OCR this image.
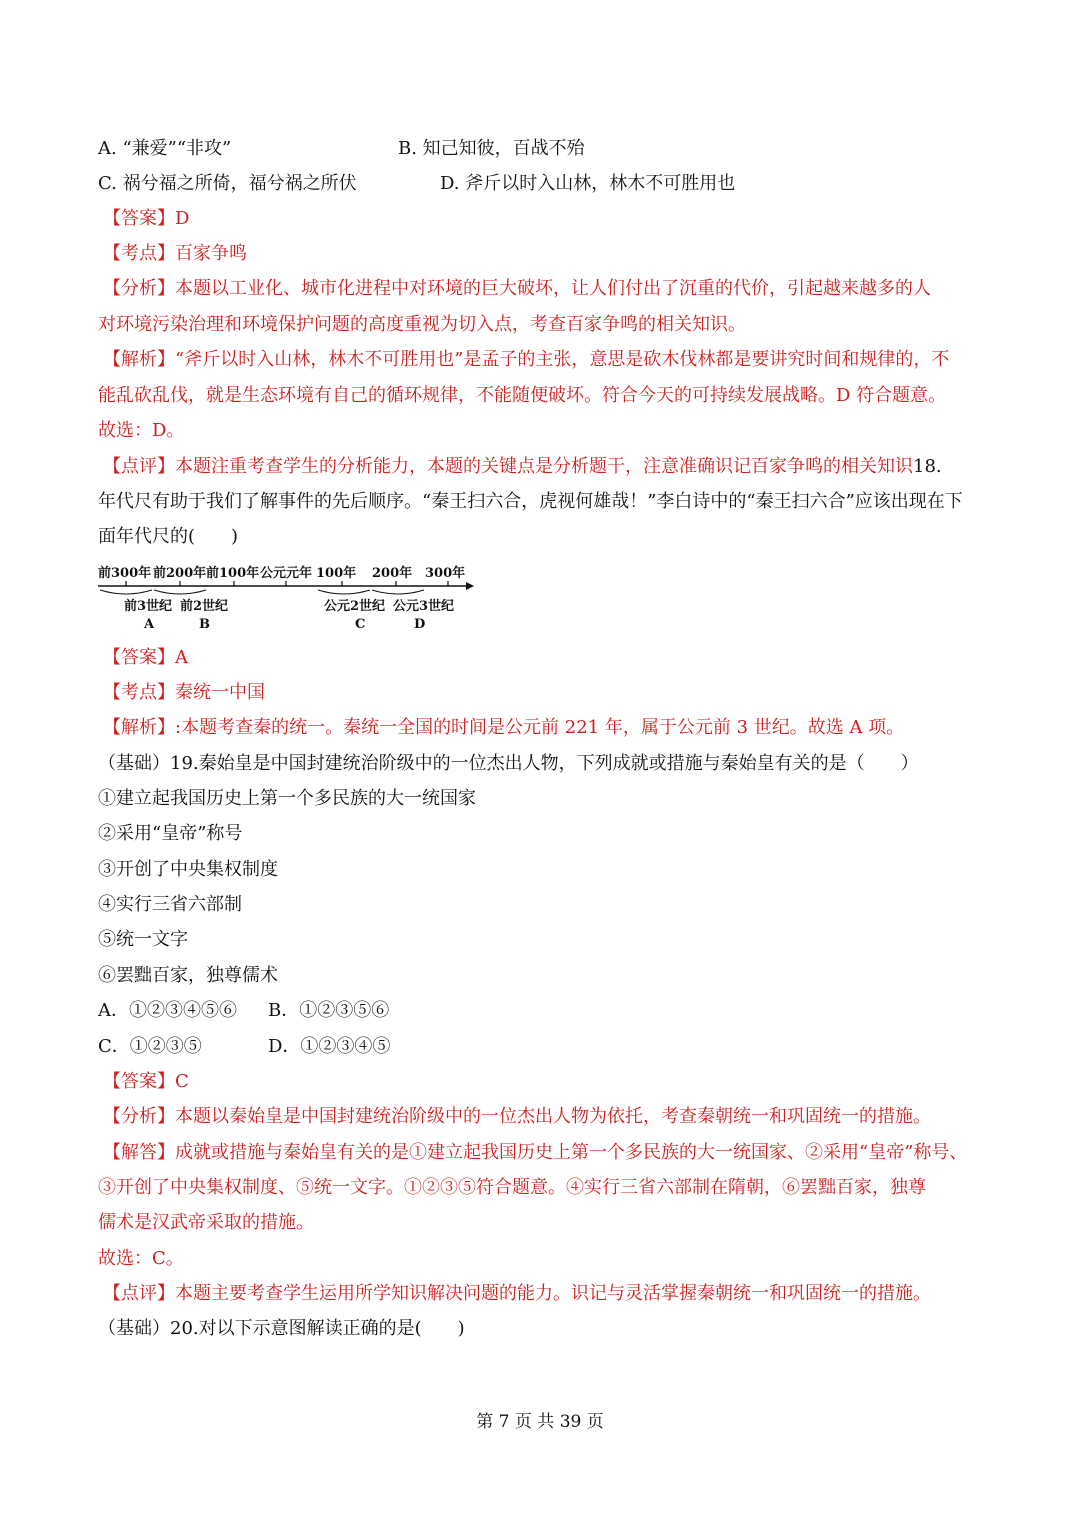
A. “兼爱”“非攻”	B. 知己知彼，百战不殆
C. 祸兮福之所倚，福兮祸之所伏	D. 斧斤以时入山林，林木不可胜用也
【答案】D
【考点】百家争鸣
【分析】本题以工业化、城市化进程中对环境的巨大破坏，让人们付出了沉重的代价，引起越来越多的人
对环境污染治理和环境保护问题的高度重视为切入点，考查百家争鸣的相关知识。
【解析】“斧斤以时入山林，林木不可胜用也”是孟子的主张，意思是砍木伐林都是要讲究时间和规律的，不
能乱砍乱伐，就是生态环境有自己的循环规律，不能随便破坏。符合今天的可持续发展战略。D 符合题意。
故选：D。
【点评】本题注重考查学生的分析能力，本题的关键点是分析题干，注意准确识记百家争鸣的相关知识18.
年代尺有助于我们了解事件的先后顺序。“秦王扫六合，虎视何雄哉！”李白诗中的“秦王扫六合”应该出现在下
面年代尺的(　　)
前300年 前200年 前100年 公元元年 100年 200年 300年
前3世纪 前2世纪	公元2世纪 公元3世纪
A	B	C	D
【答案】A
【考点】秦统一中国
【解析】:本题考查秦的统一。秦统一全国的时间是公元前 221 年，属于公元前 3 世纪。故选 A 项。
（基础）19.秦始皇是中国封建统治阶级中的一位杰出人物，下列成就或措施与秦始皇有关的是（　　）
①建立起我国历史上第一个多民族的大一统国家
②采用“皇帝”称号
③开创了中央集权制度
④实行三省六部制
⑤统一文字
⑥罢黜百家，独尊儒术
A．①②③④⑤⑥ B．①②③⑤⑥
C．①②③⑤	D．①②③④⑤
【答案】C
【分析】本题以秦始皇是中国封建统治阶级中的一位杰出人物为依托，考查秦朝统一和巩固统一的措施。
【解答】成就或措施与秦始皇有关的是①建立起我国历史上第一个多民族的大一统国家、②采用“皇帝”称号、
③开创了中央集权制度、⑤统一文字。①②③⑤符合题意。④实行三省六部制在隋朝，⑥罢黜百家，独尊
儒术是汉武帝采取的措施。
故选：C。
【点评】本题主要考查学生运用所学知识解决问题的能力。识记与灵活掌握秦朝统一和巩固统一的措施。
（基础）20.对以下示意图解读正确的是(　　)
第 7 页 共 39 页
